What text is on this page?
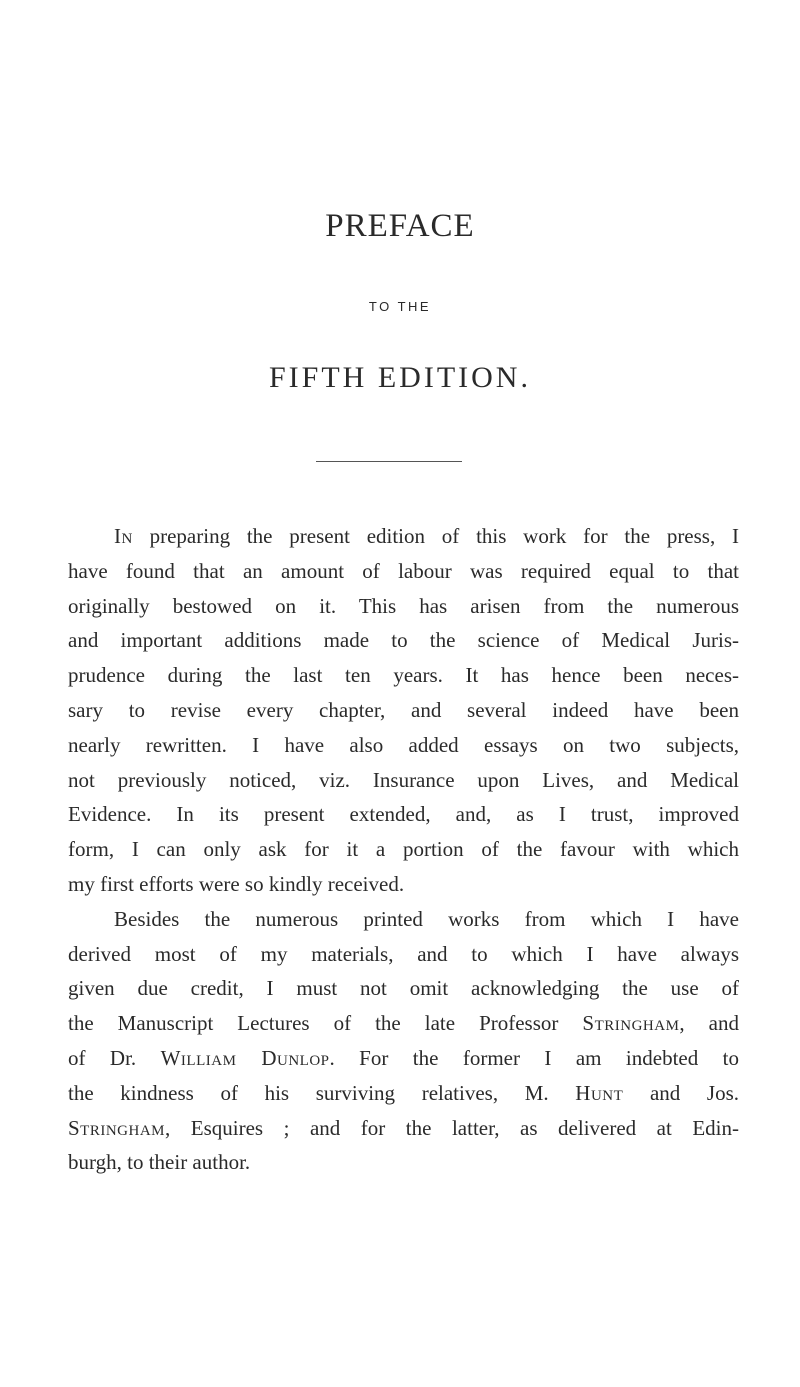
PREFACE
TO THE
FIFTH EDITION.
In preparing the present edition of this work for the press, I
have found that an amount of labour was required equal to that
originally bestowed on it. This has arisen from the numerous
and important additions made to the science of Medical Juris-
prudence during the last ten years. It has hence been neces-
sary to revise every chapter, and several indeed have been
nearly rewritten. I have also added essays on two subjects,
not previously noticed, viz. Insurance upon Lives, and Medical
Evidence. In its present extended, and, as I trust, improved
form, I can only ask for it a portion of the favour with which
my first efforts were so kindly received.
Besides the numerous printed works from which I have
derived most of my materials, and to which I have always
given due credit, I must not omit acknowledging the use of
the Manuscript Lectures of the late Professor Stringham, and
of Dr. William Dunlop. For the former I am indebted to
the kindness of his surviving relatives, M. Hunt and Jos.
Stringham, Esquires ; and for the latter, as delivered at Edin-
burgh, to their author.
